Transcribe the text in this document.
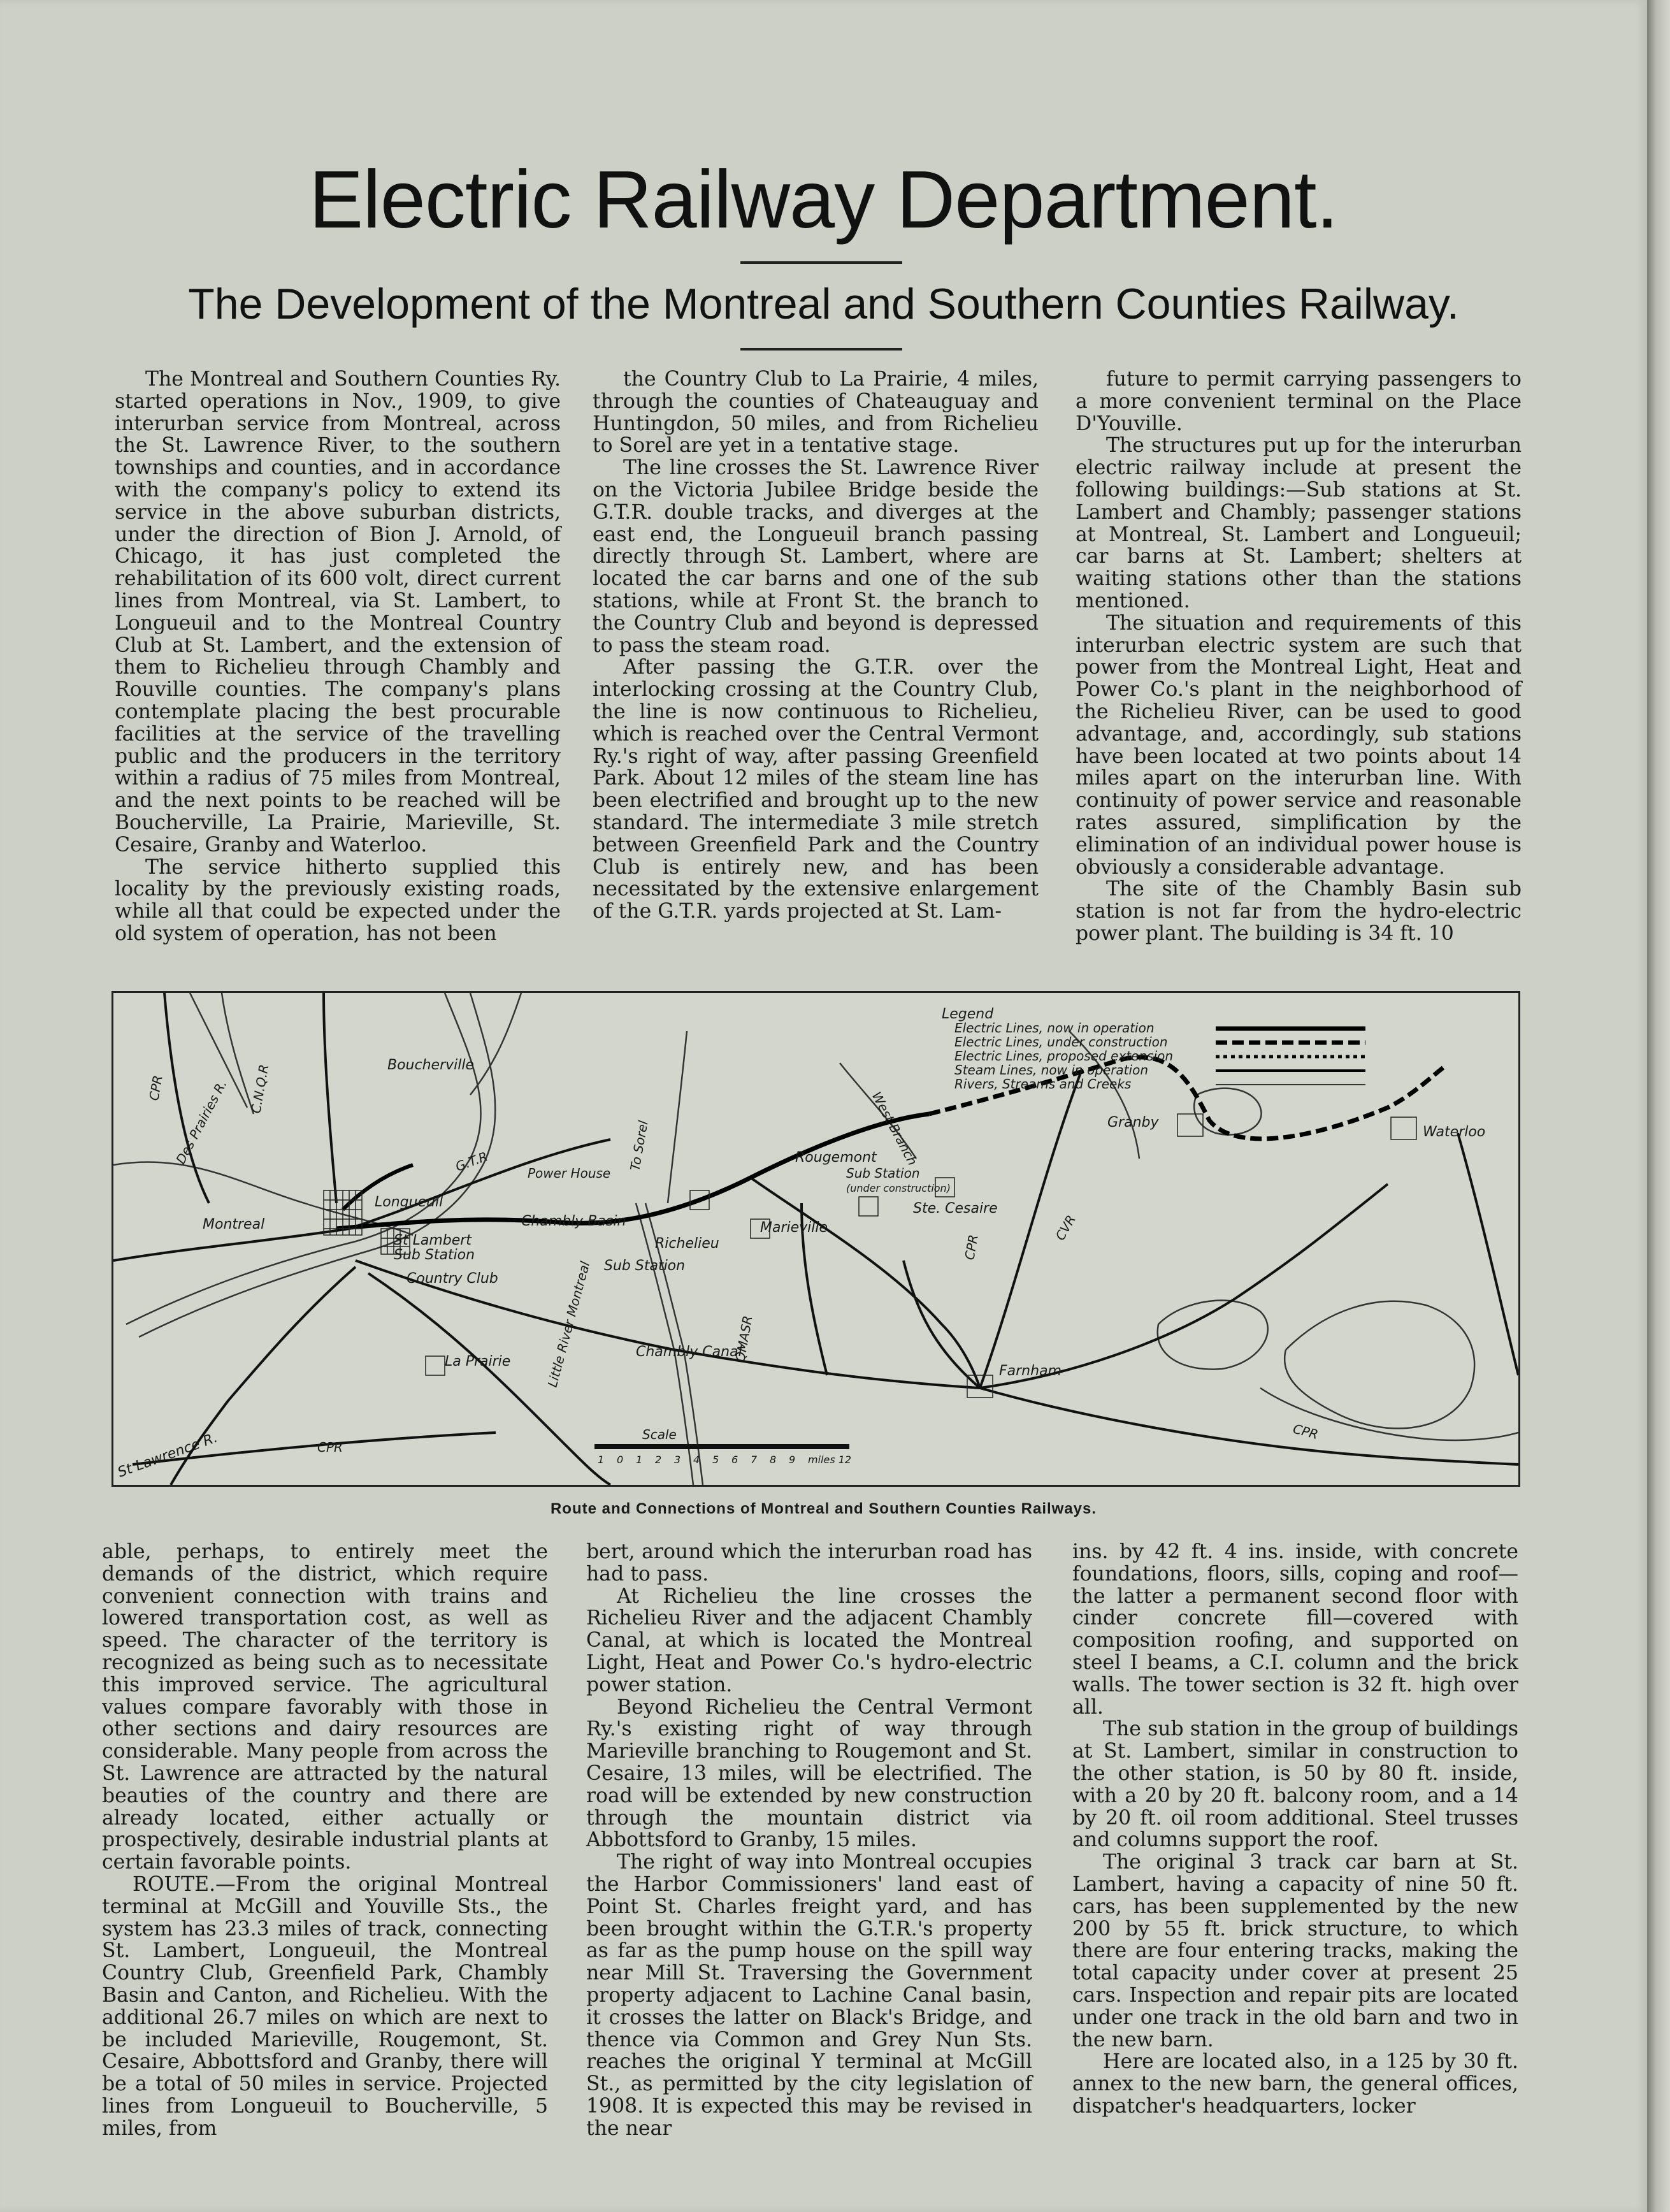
Electric Railway Department.
The Development of the Montreal and Southern Counties Railway.

The Montreal and Southern Counties Ry. started operations in Nov., 1909, to give interurban service from Montreal, across the St. Lawrence River, to the southern townships and counties, and in accordance with the company's policy to extend its service in the above suburban districts, under the direction of Bion J. Arnold, of Chicago, it has just completed the rehabilitation of its 600 volt, direct current lines from Montreal, via St. Lambert, to Longueuil and to the Montreal Country Club at St. Lambert, and the extension of them to Richelieu through Chambly and Rouville counties. The company's plans contemplate placing the best procurable facilities at the service of the travelling public and the producers in the territory within a radius of 75 miles from Montreal, and the next points to be reached will be Boucherville, La Prairie, Marieville, St. Cesaire, Granby and Waterloo.

The service hitherto supplied this locality by the previously existing roads, while all that could be expected under the old system of operation, has not been

the Country Club to La Prairie, 4 miles, through the counties of Chateauguay and Huntingdon, 50 miles, and from Richelieu to Sorel are yet in a tentative stage.

The line crosses the St. Lawrence River on the Victoria Jubilee Bridge beside the G.T.R. double tracks, and diverges at the east end, the Longueuil branch passing directly through St. Lambert, where are located the car barns and one of the sub stations, while at Front St. the branch to the Country Club and beyond is depressed to pass the steam road.

After passing the G.T.R. over the interlocking crossing at the Country Club, the line is now continuous to Richelieu, which is reached over the Central Vermont Ry.'s right of way, after passing Greenfield Park. About 12 miles of the steam line has been electrified and brought up to the new standard. The intermediate 3 mile stretch between Greenfield Park and the Country Club is entirely new, and has been necessitated by the extensive enlargement of the G.T.R. yards projected at St. Lam-

future to permit carrying passengers to a more convenient terminal on the Place D'Youville.

The structures put up for the interurban electric railway include at present the following buildings:—Sub stations at St. Lambert and Chambly; passenger stations at Montreal, St. Lambert and Longueuil; car barns at St. Lambert; shelters at waiting stations other than the stations mentioned.

The situation and requirements of this interurban electric system are such that power from the Montreal Light, Heat and Power Co.'s plant in the neighborhood of the Richelieu River, can be used to good advantage, and, accordingly, sub stations have been located at two points about 14 miles apart on the interurban line. With continuity of power service and reasonable rates assured, simplification by the elimination of an individual power house is obviously a considerable advantage.

The site of the Chambly Basin sub station is not far from the hydro-electric power plant. The building is 34 ft. 10

Legend
Electric Lines, now in operation
Electric Lines, under construction
Electric Lines, proposed extension
Steam Lines, now in operation
Rivers, Streams and Creeks
Boucherville
Montreal
Longueuil
St Lambert
Sub Station
Country Club
La Prairie
Power House
Chambly Basin
Richelieu
Sub Station
Chambly Canal
Marieville
Rougemont
Sub Station
(under construction)
Ste. Cesaire
Granby
Waterloo
Farnham
West Branch
To Sorel
Des Prairies R.
St Lawrence R.
Little River Montreal
CPR	C.N.Q.R
G.T.R
CVR
QMASR
CPR
CPR
CPR
Scale
1 0 1 2 3 4 5 6 7 8 9 miles 12
Route and Connections of Montreal and Southern Counties Railways.

able, perhaps, to entirely meet the demands of the district, which require convenient connection with trains and lowered transportation cost, as well as speed. The character of the territory is recognized as being such as to necessitate this improved service. The agricultural values compare favorably with those in other sections and dairy resources are considerable. Many people from across the St. Lawrence are attracted by the natural beauties of the country and there are already located, either actually or prospectively, desirable industrial plants at certain favorable points.

ROUTE.—From the original Montreal terminal at McGill and Youville Sts., the system has 23.3 miles of track, connecting St. Lambert, Longueuil, the Montreal Country Club, Greenfield Park, Chambly Basin and Canton, and Richelieu. With the additional 26.7 miles on which are next to be included Marieville, Rougemont, St. Cesaire, Abbottsford and Granby, there will be a total of 50 miles in service. Projected lines from Longueuil to Boucherville, 5 miles, from

bert, around which the interurban road has had to pass.

At Richelieu the line crosses the Richelieu River and the adjacent Chambly Canal, at which is located the Montreal Light, Heat and Power Co.'s hydro-electric power station.

Beyond Richelieu the Central Vermont Ry.'s existing right of way through Marieville branching to Rougemont and St. Cesaire, 13 miles, will be electrified. The road will be extended by new construction through the mountain district via Abbottsford to Granby, 15 miles.

The right of way into Montreal occupies the Harbor Commissioners' land east of Point St. Charles freight yard, and has been brought within the G.T.R.'s property as far as the pump house on the spill way near Mill St. Traversing the Government property adjacent to Lachine Canal basin, it crosses the latter on Black's Bridge, and thence via Common and Grey Nun Sts. reaches the original Y terminal at McGill St., as permitted by the city legislation of 1908. It is expected this may be revised in the near

ins. by 42 ft. 4 ins. inside, with concrete foundations, floors, sills, coping and roof—the latter a permanent second floor with cinder concrete fill—covered with composition roofing, and supported on steel I beams, a C.I. column and the brick walls. The tower section is 32 ft. high over all.

The sub station in the group of buildings at St. Lambert, similar in construction to the other station, is 50 by 80 ft. inside, with a 20 by 20 ft. balcony room, and a 14 by 20 ft. oil room additional. Steel trusses and columns support the roof.

The original 3 track car barn at St. Lambert, having a capacity of nine 50 ft. cars, has been supplemented by the new 200 by 55 ft. brick structure, to which there are four entering tracks, making the total capacity under cover at present 25 cars. Inspection and repair pits are located under one track in the old barn and two in the new barn.

Here are located also, in a 125 by 30 ft. annex to the new barn, the general offices, dispatcher's headquarters, locker
